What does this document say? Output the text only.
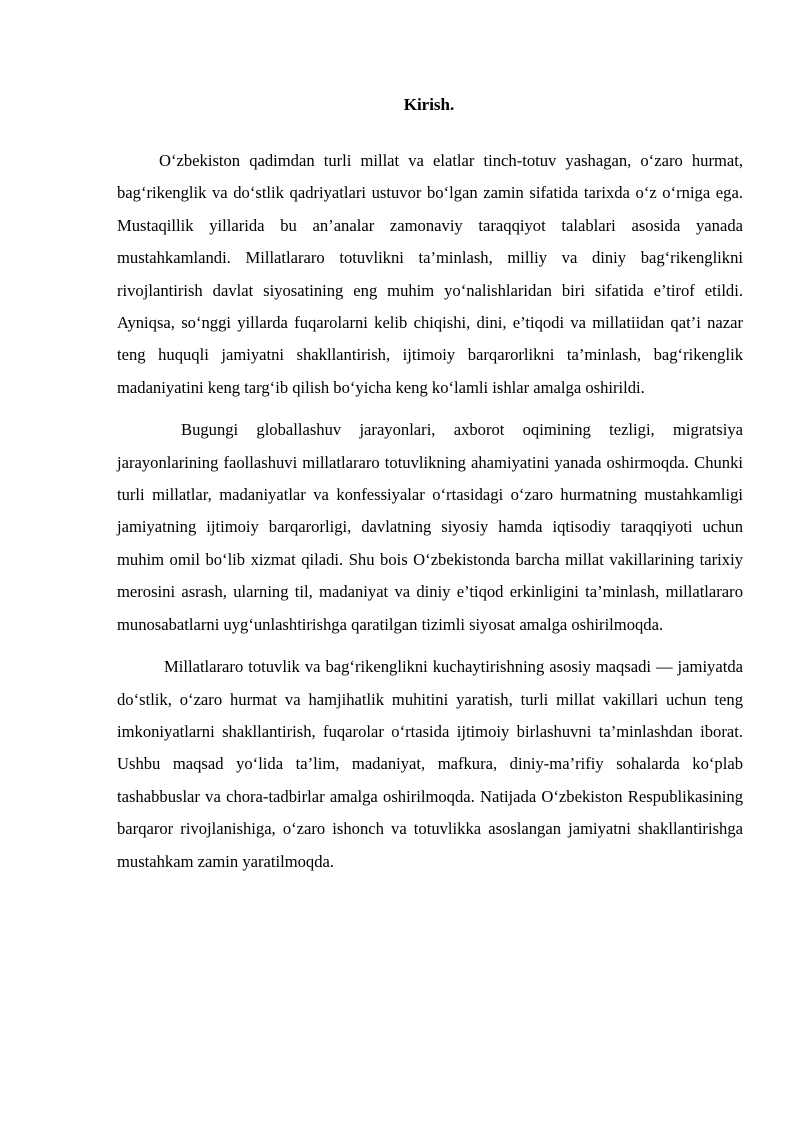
Kirish.

O‘zbekiston qadimdan turli millat va elatlar tinch-totuv yashagan, o‘zaro hurmat, bag‘rikenglik va do‘stlik qadriyatlari ustuvor bo‘lgan zamin sifatida tarixda o‘z o‘rniga ega. Mustaqillik yillarida bu an’analar zamonaviy taraqqiyot talablari asosida yanada mustahkamlandi. Millatlararo totuvlikni ta’minlash, milliy va diniy bag‘rikenglikni rivojlantirish davlat siyosatining eng muhim yo‘nalishlaridan biri sifatida e’tirof etildi. Ayniqsa, so‘nggi yillarda fuqarolarni kelib chiqishi, dini, e’tiqodi va millatiidan qat’i nazar teng huquqli jamiyatni shakllantirish, ijtimoiy barqarorlikni ta’minlash, bag‘rikenglik madaniyatini keng targ‘ib qilish bo‘yicha keng ko‘lamli ishlar amalga oshirildi.

Bugungi globallashuv jarayonlari, axborot oqimining tezligi, migratsiya jarayonlarining faollashuvi millatlararo totuvlikning ahamiyatini yanada oshirmoqda. Chunki turli millatlar, madaniyatlar va konfessiyalar o‘rtasidagi o‘zaro hurmatning mustahkamligi jamiyatning ijtimoiy barqarorligi, davlatning siyosiy hamda iqtisodiy taraqqiyoti uchun muhim omil bo‘lib xizmat qiladi. Shu bois O‘zbekistonda barcha millat vakillarining tarixiy merosini asrash, ularning til, madaniyat va diniy e’tiqod erkinligini ta’minlash, millatlararo munosabatlarni uyg‘unlashtirishga qaratilgan tizimli siyosat amalga oshirilmoqda.

Millatlararo totuvlik va bag‘rikenglikni kuchaytirishning asosiy maqsadi — jamiyatda do‘stlik, o‘zaro hurmat va hamjihatlik muhitini yaratish, turli millat vakillari uchun teng imkoniyatlarni shakllantirish, fuqarolar o‘rtasida ijtimoiy birlashuvni ta’minlashdan iborat. Ushbu maqsad yo‘lida ta’lim, madaniyat, mafkura, diniy-ma’rifiy sohalarda ko‘plab tashabbuslar va chora-tadbirlar amalga oshirilmoqda. Natijada O‘zbekiston Respublikasining barqaror rivojlanishiga, o‘zaro ishonch va totuvlikka asoslangan jamiyatni shakllantirishga mustahkam zamin yaratilmoqda.
